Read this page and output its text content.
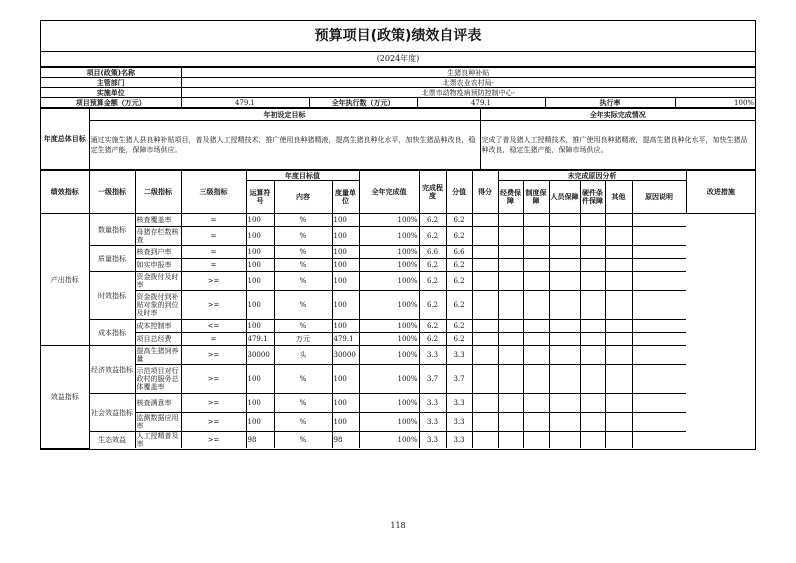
预算项目(政策)绩效自评表
(2024年度)
项目(政策)名称	生猪良种补贴				
主管部门	北票农业农村局-				
实施单位	北票市动物疫病预防控制中心-				
项目预算金额（万元）	479.1	全年执行数（万元）	479.1	执行率	100%
年度总体目标	年初设定目标	全年实际完成情况
	通过实施生猪人县良种补贴项目，普及猪人工授精技术，推广使用良种猪精液，提高生猪良种化水平，加快生猪品种改良，稳定生猪产能，保障市场供应。	完成了普及猪人工授精技术，推广使用良种猪精液，提高生猪良种化水平，加快生猪品种改良，稳定生猪产能，保障市场供应。
绩效指标	一级指标	二级指标	三级指标	年度目标值			全年完成值	完成程度	分值	得分	未完成原因分析						改进措施
				运算符号	内容	度量单位					经费保障	制度保障	人员保障	硬件条件保障	其他	原因说明	
产出指标	数量指标	核查覆盖率	=	100	%	100	100%	6.2	6.2								
		母猪存栏数核查	=	100	%	100	100%	6.2	6.2								
	质量指标	核查到户率	=	100	%	100	100%	6.6	6.6								
		如实申报率	=	100	%	100	100%	6.2	6.2								
	时效指标	资金拨付及时率	>=	100	%	100	100%	6.2	6.2								
		资金拨付到补贴对象的到位及时率	>=	100	%	100	100%	6.2	6.2								
	成本指标	成本控制率	<=	100	%	100	100%	6.2	6.2								
		项目总经费	=	479.1	万元	479.1	100%	6.2	6.2								
效益指标	经济效益指标	提高生猪饲养量	>=	30000	头	30000	100%	3.3	3.3								
		示范项目对行政村的服务总体覆盖率	>=	100	%	100	100%	3.7	3.7								
	社会效益指标	核查满意率	>=	100	%	100	100%	3.3	3.3								
		监测数据应用率	>=	100	%	100	100%	3.3	3.3								
	生态效益	人工授精普及率	>=	98	%	98	100%	3.3	3.3								
118
